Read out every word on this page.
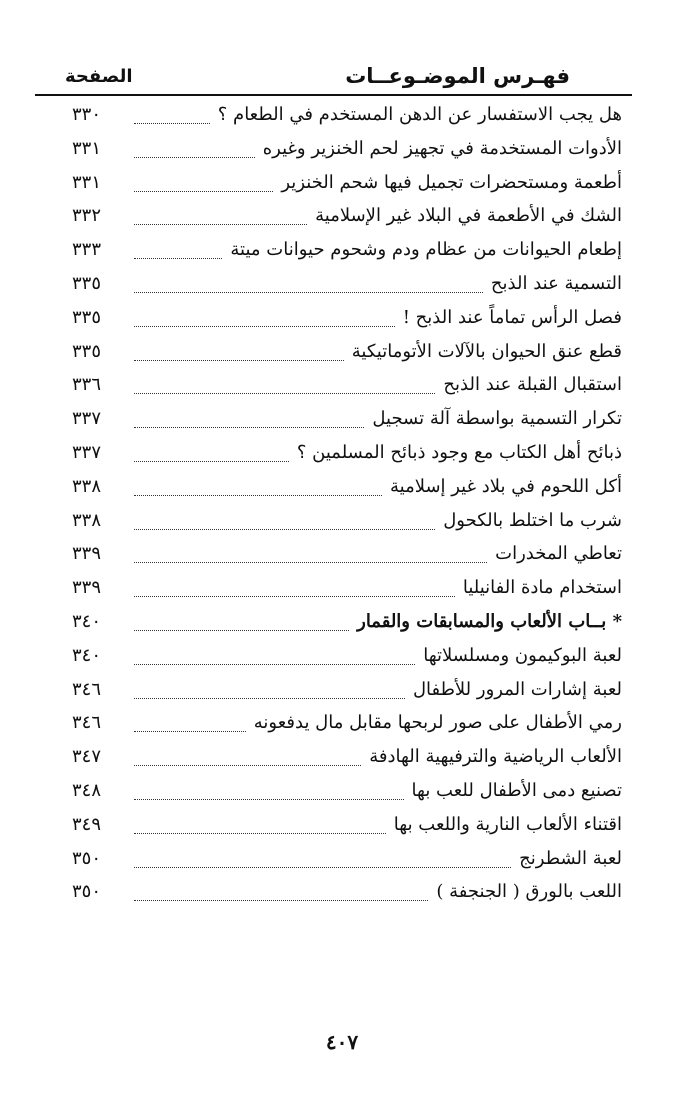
فهـرس الموضـوعــات
الصفحة
هل يجب الاستفسار عن الدهن المستخدم في الطعام ؟
٣٣٠
الأدوات المستخدمة في تجهيز لحم الخنزير وغيره
٣٣١
أطعمة ومستحضرات تجميل فيها شحم الخنزير
٣٣١
الشك في الأطعمة في البلاد غير الإسلامية
٣٣٢
إطعام الحيوانات من عظام ودم وشحوم حيوانات ميتة
٣٣٣
التسمية عند الذبح
٣٣٥
فصل الرأس تماماً عند الذبح !
٣٣٥
قطع عنق الحيوان بالآلات الأتوماتيكية
٣٣٥
استقبال القبلة عند الذبح
٣٣٦
تكرار التسمية بواسطة آلة تسجيل
٣٣٧
ذبائح أهل الكتاب مع وجود ذبائح المسلمين ؟
٣٣٧
أكل اللحوم في بلاد غير إسلامية
٣٣٨
شرب ما اختلط بالكحول
٣٣٨
تعاطي المخدرات
٣٣٩
استخدام مادة الفانيليا
٣٣٩
* بــاب الألعاب والمسابقات والقمار
٣٤٠
لعبة البوكيمون ومسلسلاتها
٣٤٠
لعبة إشارات المرور للأطفال
٣٤٦
رمي الأطفال على صور لربحها مقابل مال يدفعونه
٣٤٦
الألعاب الرياضية والترفيهية الهادفة
٣٤٧
تصنيع دمى الأطفال للعب بها
٣٤٨
اقتناء الألعاب النارية واللعب بها
٣٤٩
لعبة الشطرنج
٣٥٠
اللعب بالورق ( الجنجفة )
٣٥٠
٤٠٧
